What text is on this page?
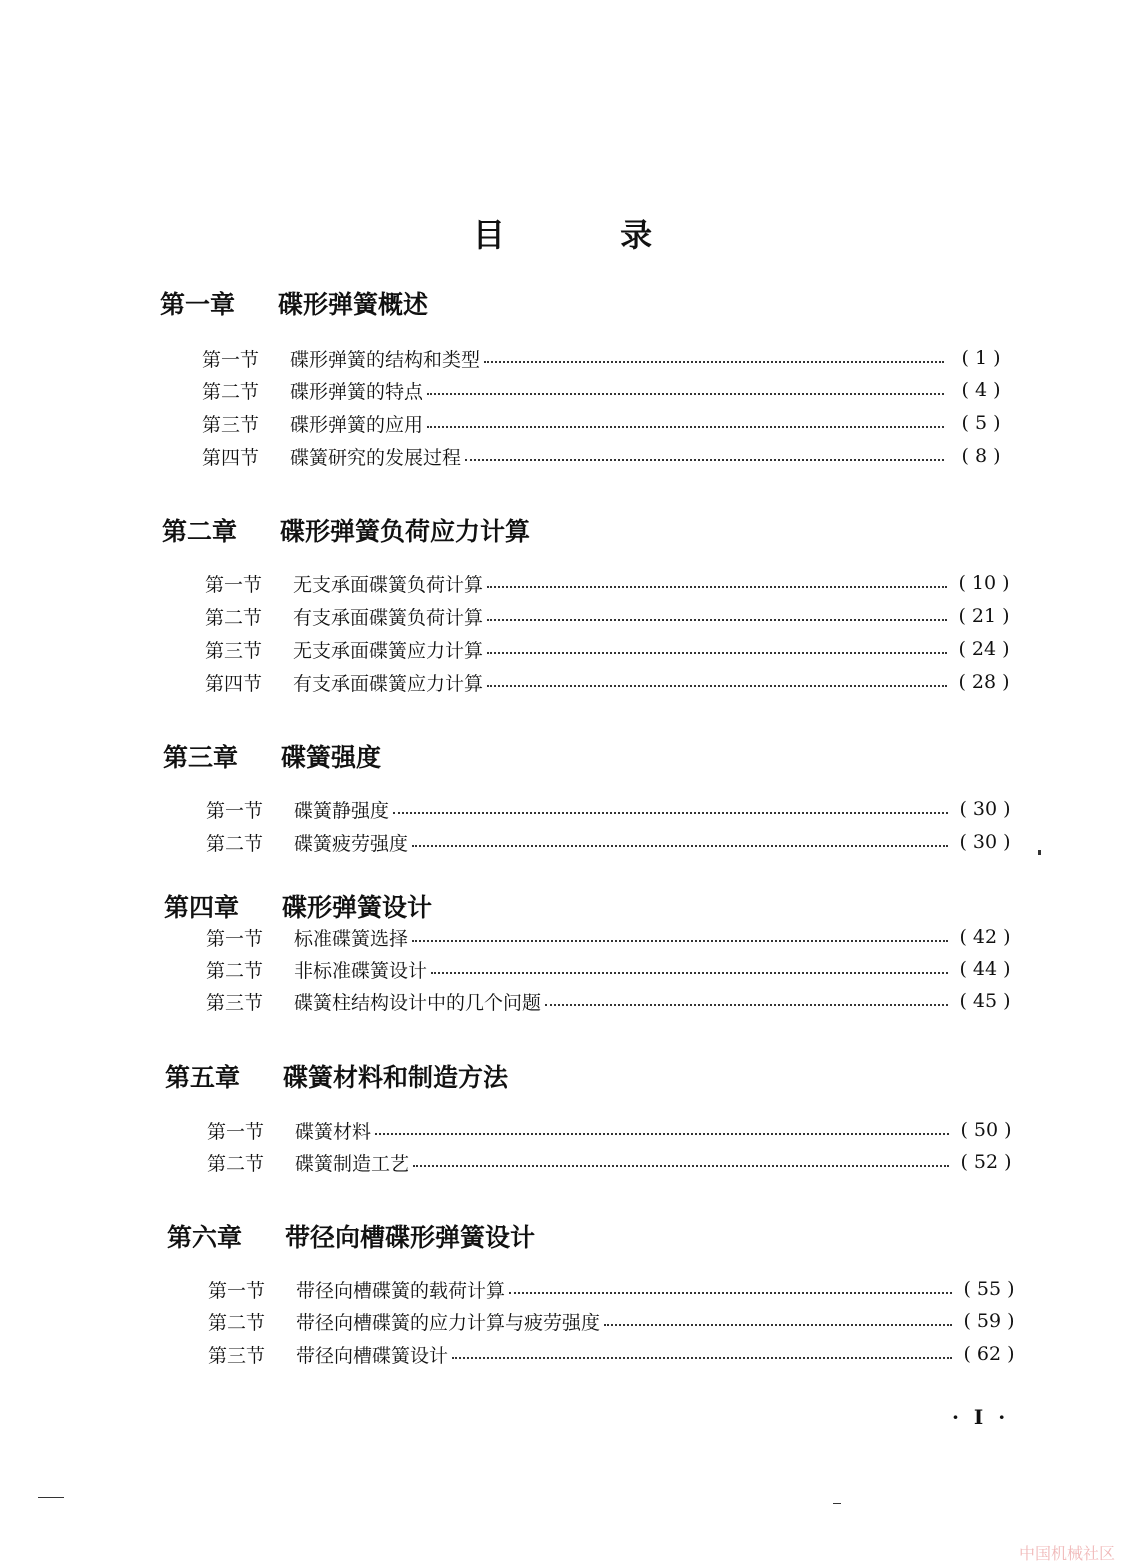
目 录
第一章 碟形弹簧概述
第一节	碟形弹簧的结构和类型	( 1 )
第二节	碟形弹簧的特点	( 4 )
第三节	碟形弹簧的应用	( 5 )
第四节	碟簧研究的发展过程	( 8 )
第二章 碟形弹簧负荷应力计算
第一节	无支承面碟簧负荷计算	( 10 )
第二节	有支承面碟簧负荷计算	( 21 )
第三节	无支承面碟簧应力计算	( 24 )
第四节	有支承面碟簧应力计算	( 28 )
第三章 碟簧强度
第一节	碟簧静强度	( 30 )
第二节	碟簧疲劳强度	( 30 )
第四章 碟形弹簧设计
第一节	标准碟簧选择	( 42 )
第二节	非标准碟簧设计	( 44 )
第三节	碟簧柱结构设计中的几个问题	( 45 )
第五章 碟簧材料和制造方法
第一节	碟簧材料	( 50 )
第二节	碟簧制造工艺	( 52 )
第六章 带径向槽碟形弹簧设计
第一节	带径向槽碟簧的载荷计算	( 55 )
第二节	带径向槽碟簧的应力计算与疲劳强度	( 59 )
第三节	带径向槽碟簧设计	( 62 )
· I ·
中国机械社区
